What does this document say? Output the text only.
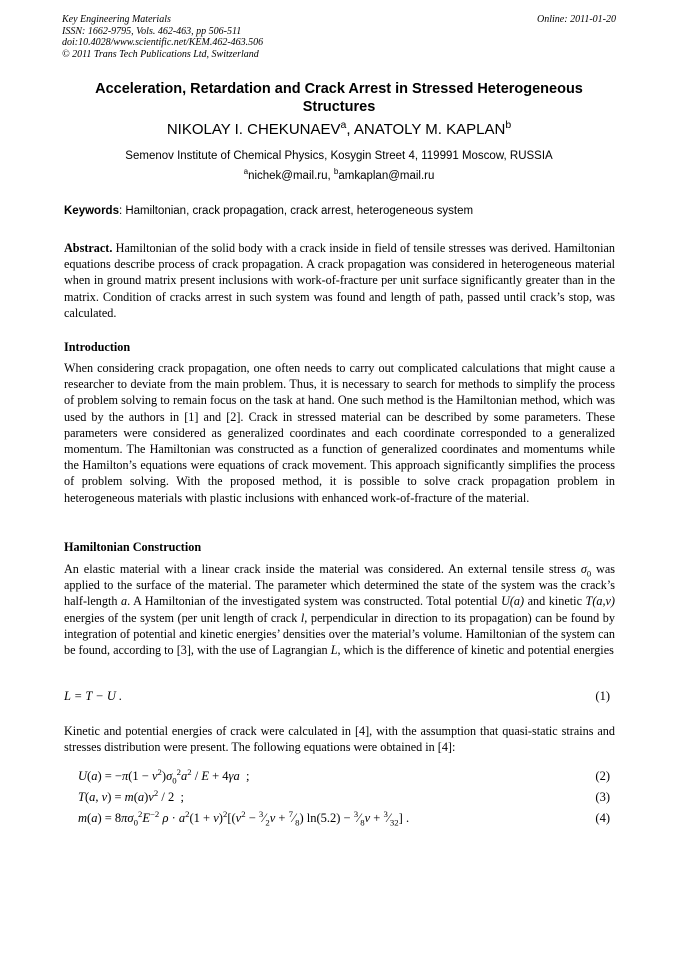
Key Engineering Materials
ISSN: 1662-9795, Vols. 462-463, pp 506-511
doi:10.4028/www.scientific.net/KEM.462-463.506
© 2011 Trans Tech Publications Ltd, Switzerland
Online: 2011-01-20
Acceleration, Retardation and Crack Arrest in Stressed Heterogeneous Structures
NIKOLAY I. CHEKUNAEV$^a$, ANATOLY M. KAPLAN$^b$
Semenov Institute of Chemical Physics, Kosygin Street 4, 119991 Moscow, RUSSIA
$^a$nichek@mail.ru, $^b$amkaplan@mail.ru
Keywords: Hamiltonian, crack propagation, crack arrest, heterogeneous system
Abstract. Hamiltonian of the solid body with a crack inside in field of tensile stresses was derived. Hamiltonian equations describe process of crack propagation. A crack propagation was considered in heterogeneous material when in ground matrix present inclusions with work-of-fracture per unit surface significantly greater than in the matrix. Condition of cracks arrest in such system was found and length of path, passed until crack’s stop, was calculated.
Introduction
When considering crack propagation, one often needs to carry out complicated calculations that might cause a researcher to deviate from the main problem. Thus, it is necessary to search for methods to simplify the process of problem solving to remain focus on the task at hand. One such method is the Hamiltonian method, which was used by the authors in [1] and [2]. Crack in stressed material can be described by some parameters. These parameters were considered as generalized coordinates and each coordinate corresponded to a generalized momentum. The Hamiltonian was constructed as a function of generalized coordinates and momentums while the Hamilton’s equations were equations of crack movement. This approach significantly simplifies the process of problem solving. With the proposed method, it is possible to solve crack propagation problem in heterogeneous materials with plastic inclusions with enhanced work-of-fracture of the material.
Hamiltonian Construction
An elastic material with a linear crack inside the material was considered. An external tensile stress $\sigma_0$ was applied to the surface of the material. The parameter which determined the state of the system was the crack’s half-length a. A Hamiltonian of the investigated system was constructed. Total potential U(a) and kinetic T(a,v) energies of the system (per unit length of crack l, perpendicular in direction to its propagation) can be found by integration of potential and kinetic energies’ densities over the material’s volume. Hamiltonian of the system can be found, according to [3], with the use of Lagrangian L, which is the difference of kinetic and potential energies
L = T − U .	(1)
Kinetic and potential energies of crack were calculated in [4], with the assumption that quasi-static strains and stresses distribution were present. The following equations were obtained in [4]:
$U(a) = -\pi(1 - \nu^2)\sigma_0^2a^2 / E + 4\gamma a$  ;	(2)
T(a, $v) = m(a)v^2 / 2$  ;	(3)
$m(a) = 8\pi\sigma_0^2E^{-2}$ $\rho \cdot a^2(1 + \nu)^2[(\nu^2$ − $^3⁄_2\nu$ + $^7⁄_8$) $\ln(5.2) - ^3⁄_8\nu$ + $^3⁄_{32}$] .	(4)
